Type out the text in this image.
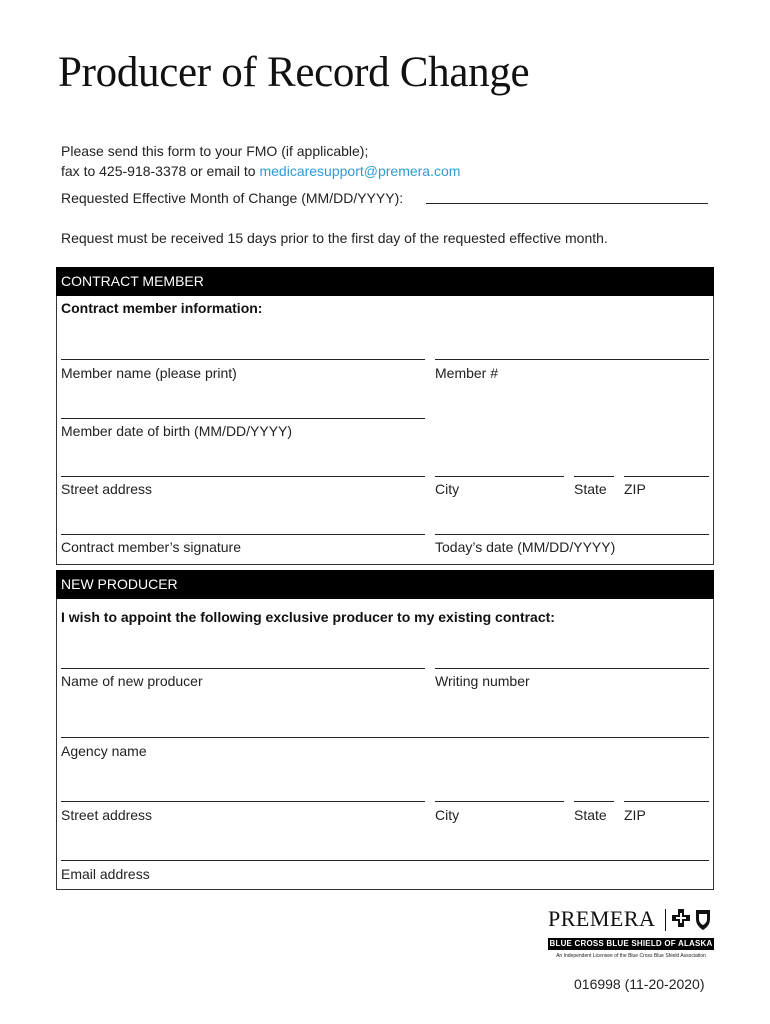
Producer of Record Change
Please send this form to your FMO (if applicable);
fax to 425-918-3378 or email to medicaresupport@premera.com
Requested Effective Month of Change (MM/DD/YYYY):
Request must be received 15 days prior to the first day of the requested effective month.
CONTRACT MEMBER
Contract member information:
Member name (please print)	Member #
Member date of birth (MM/DD/YYYY)
Street address	City	State ZIP
Contract member’s signature	Today’s date (MM/DD/YYYY)
NEW PRODUCER
I wish to appoint the following exclusive producer to my existing contract:
Name of new producer	Writing number
Agency name
Street address	City	State ZIP
Email address
PREMERA
BLUE CROSS BLUE SHIELD OF ALASKA
An Independent Licensee of the Blue Cross Blue Shield Association
016998 (11-20-2020)
